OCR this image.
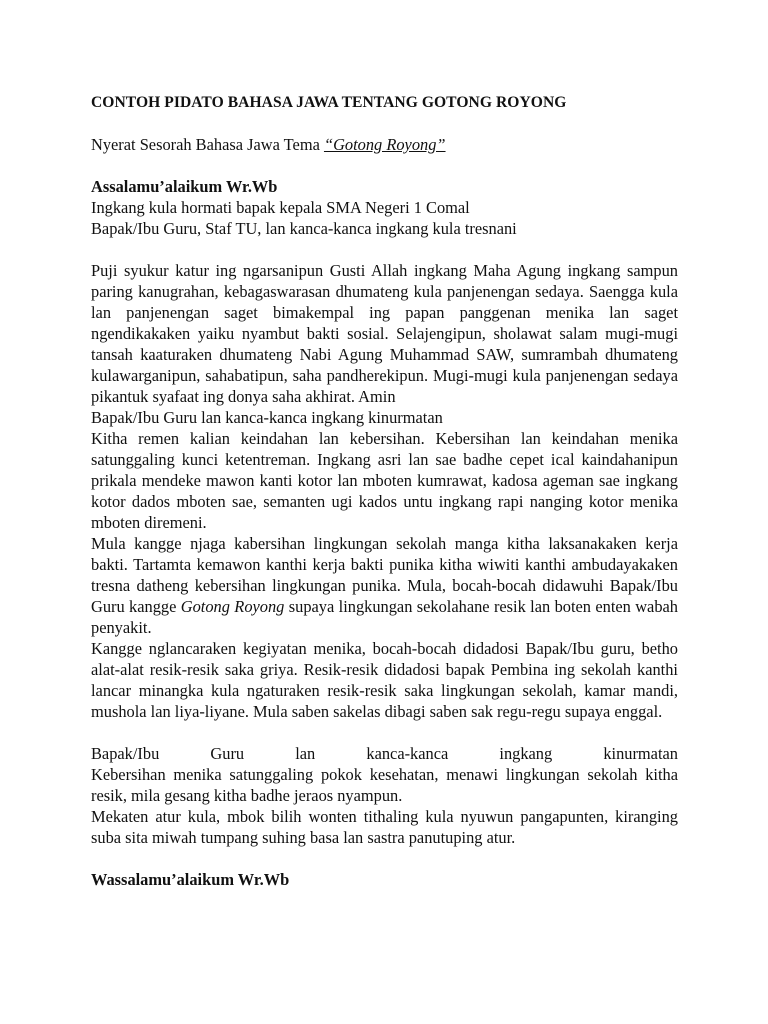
CONTOH PIDATO BAHASA JAWA TENTANG GOTONG ROYONG

Nyerat Sesorah Bahasa Jawa Tema “Gotong Royong”

Assalamu’alaikum Wr.Wb

Ingkang kula hormati bapak kepala SMA Negeri 1 Comal

Bapak/Ibu Guru, Staf TU, lan kanca-kanca ingkang kula tresnani

Puji syukur katur ing ngarsanipun Gusti Allah ingkang Maha Agung ingkang sampun paring kanugrahan, kebagaswarasan dhumateng kula panjenengan sedaya. Saengga kula lan panjenengan saget bimakempal ing papan panggenan menika lan saget ngendikakaken yaiku nyambut bakti sosial. Selajengipun, sholawat salam mugi-mugi tansah kaaturaken dhumateng Nabi Agung Muhammad SAW, sumrambah dhumateng kulawarganipun, sahabatipun, saha pandherekipun. Mugi-mugi kula panjenengan sedaya pikantuk syafaat ing donya saha akhirat. Amin

Bapak/Ibu Guru lan kanca-kanca ingkang kinurmatan

Kitha remen kalian keindahan lan kebersihan. Kebersihan lan keindahan menika satunggaling kunci ketentreman. Ingkang asri lan sae badhe cepet ical kaindahanipun prikala mendeke mawon kanti kotor lan mboten kumrawat, kadosa ageman sae ingkang kotor dados mboten sae, semanten ugi kados untu ingkang rapi nanging kotor menika mboten diremeni.

Mula kangge njaga kabersihan lingkungan sekolah manga kitha laksanakaken kerja bakti. Tartamta kemawon kanthi kerja bakti punika kitha wiwiti kanthi ambudayakaken tresna datheng kebersihan lingkungan punika. Mula, bocah-bocah didawuhi Bapak/Ibu Guru kangge Gotong Royong supaya lingkungan sekolahane resik lan boten enten wabah penyakit.

Kangge nglancaraken kegiyatan menika, bocah-bocah didadosi Bapak/Ibu guru, betho alat-alat resik-resik saka griya. Resik-resik didadosi bapak Pembina ing sekolah kanthi lancar minangka kula ngaturaken resik-resik saka lingkungan sekolah, kamar mandi, mushola lan liya-liyane. Mula saben sakelas dibagi saben sak regu-regu supaya enggal.

Bapak/Ibu	Guru	lan	kanca-kanca	ingkang	kinurmatan

Kebersihan menika satunggaling pokok kesehatan, menawi lingkungan sekolah kitha resik, mila gesang kitha badhe jeraos nyampun.

Mekaten atur kula, mbok bilih wonten tithaling kula nyuwun pangapunten, kiranging suba sita miwah tumpang suhing basa lan sastra panutuping atur.

Wassalamu’alaikum Wr.Wb
